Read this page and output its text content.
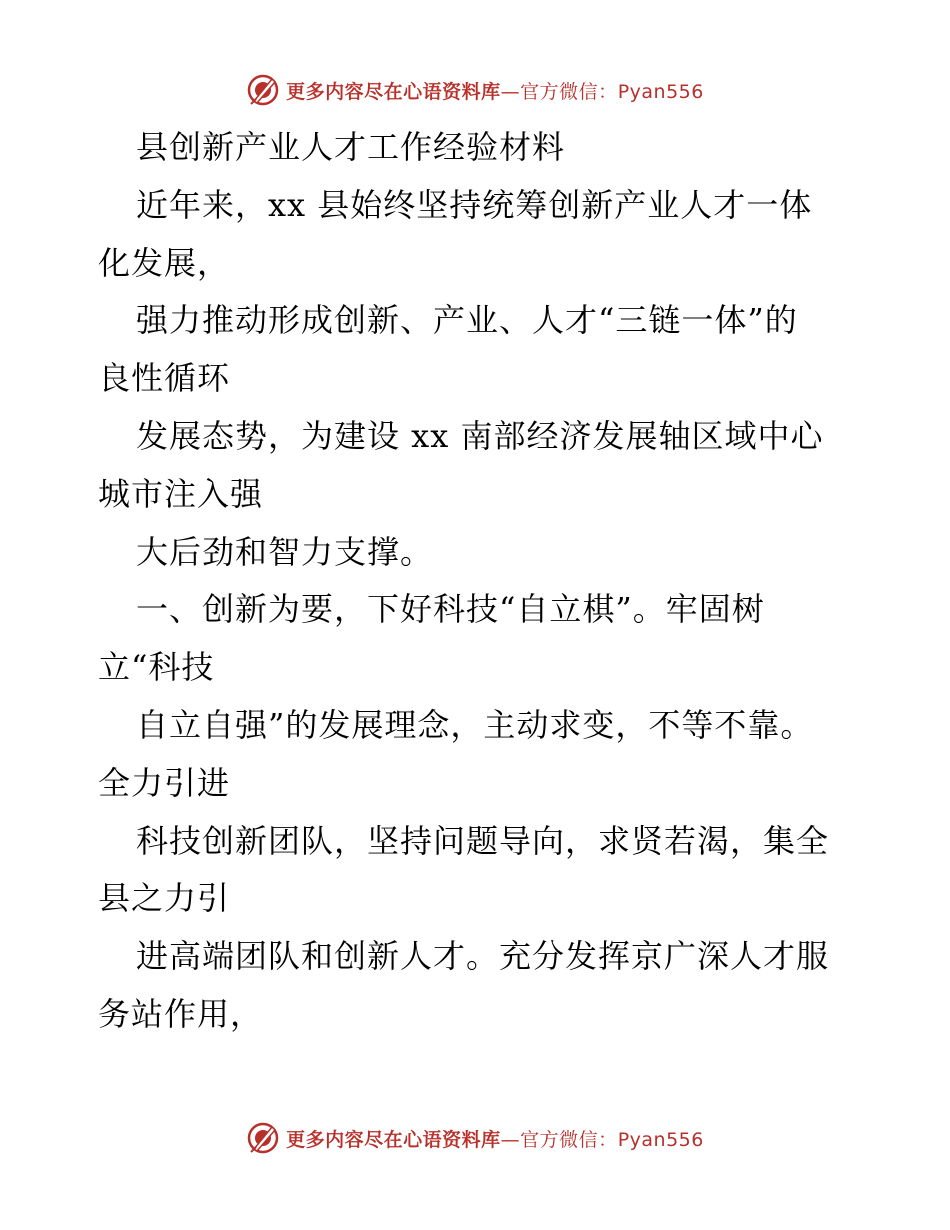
更多内容尽在心语资料库—官方微信：Pyan556
县创新产业人才工作经验材料
近年来，xx 县始终坚持统筹创新产业人才一体
化发展，
强力推动形成创新、产业、人才“三链一体”的
良性循环
发展态势，为建设 xx 南部经济发展轴区域中心
城市注入强
大后劲和智力支撑。
一、创新为要，下好科技“自立棋”。牢固树
立“科技
自立自强”的发展理念，主动求变，不等不靠。
全力引进
科技创新团队，坚持问题导向，求贤若渴，集全
县之力引
进高端团队和创新人才。充分发挥京广深人才服
务站作用，
更多内容尽在心语资料库—官方微信：Pyan556
